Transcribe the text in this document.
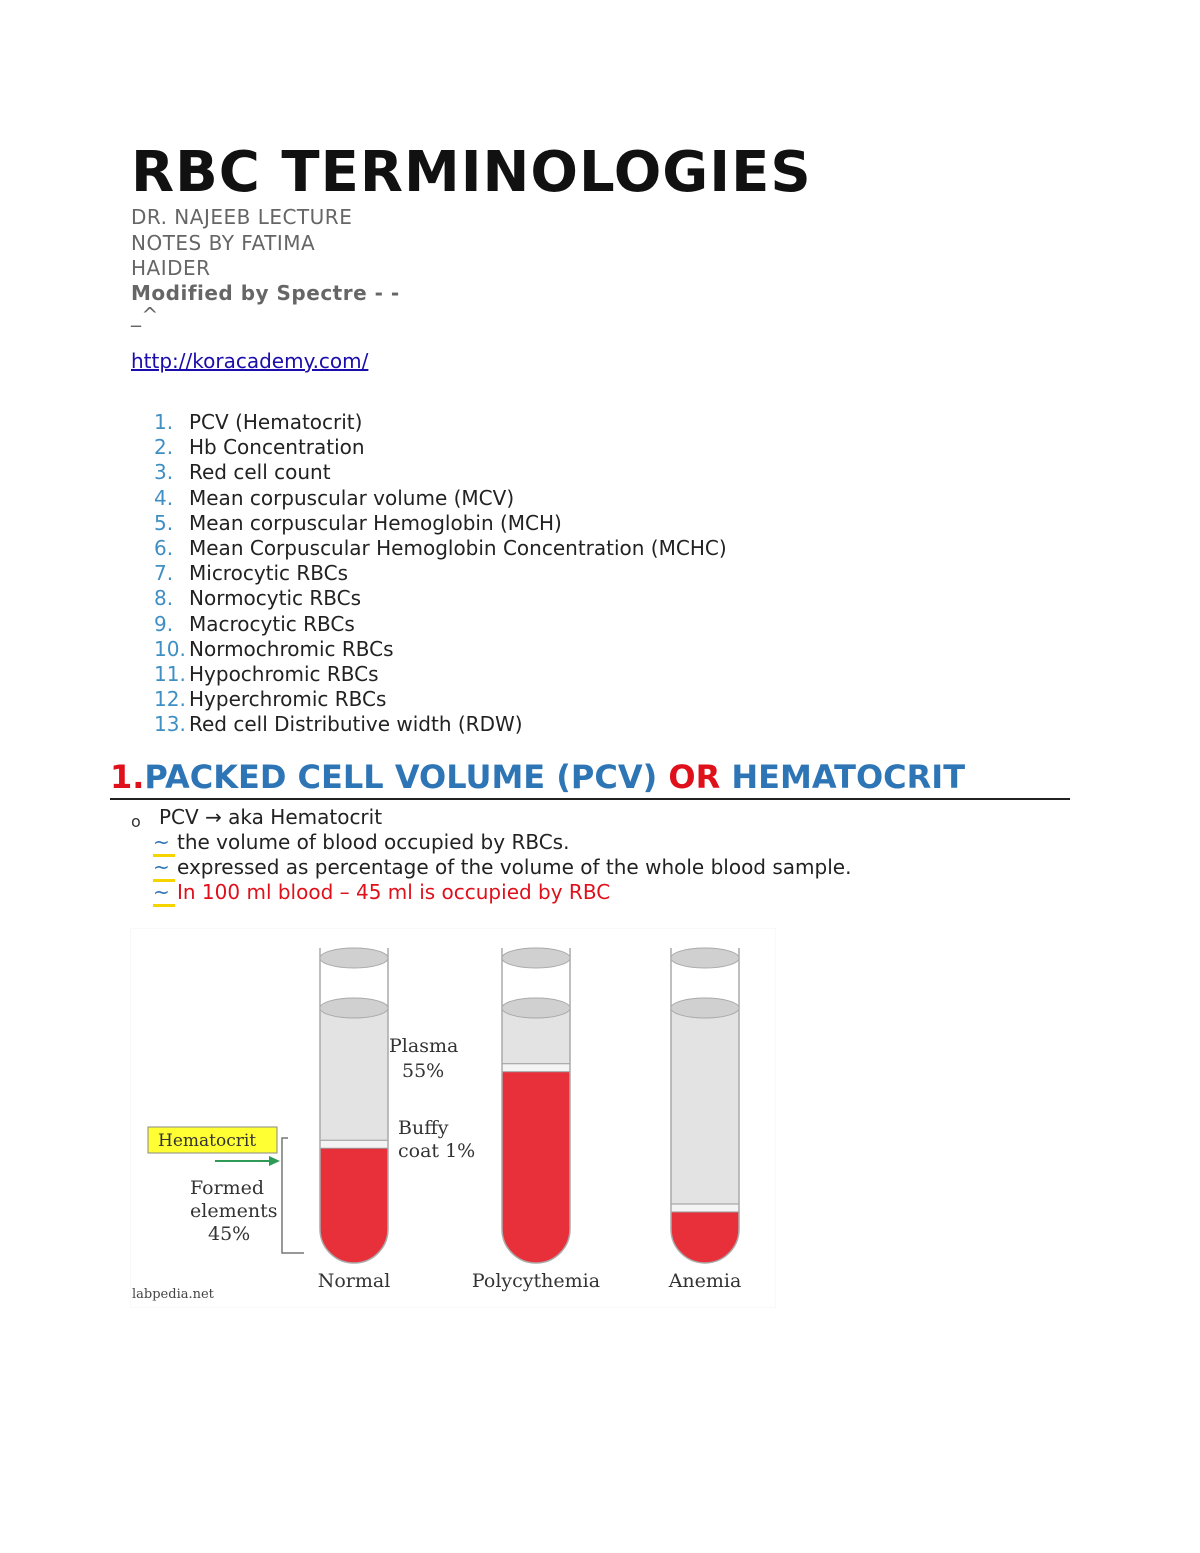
RBC TERMINOLOGIES
DR. NAJEEB LECTURE
NOTES BY FATIMA
HAIDER
Modified by Spectre - -
_^
http://koracademy.com/
1. PCV (Hematocrit)
2. Hb Concentration
3. Red cell count
4. Mean corpuscular volume (MCV)
5. Mean corpuscular Hemoglobin (MCH)
6. Mean Corpuscular Hemoglobin Concentration (MCHC)
7. Microcytic RBCs
8. Normocytic RBCs
9. Macrocytic RBCs
10. Normochromic RBCs
11. Hypochromic RBCs
12. Hyperchromic RBCs
13. Red cell Distributive width (RDW)
1.PACKED CELL VOLUME (PCV) OR HEMATOCRIT
o PCV → aka Hematocrit
~ the volume of blood occupied by RBCs.
~ expressed as percentage of the volume of the whole blood sample.
~ In 100 ml blood – 45 ml is occupied by RBC
Normal	Polycythemia	Anemia
Plasma
55%
Buffy
coat 1%
Hematocrit
Formed
elements
45%
labpedia.net
